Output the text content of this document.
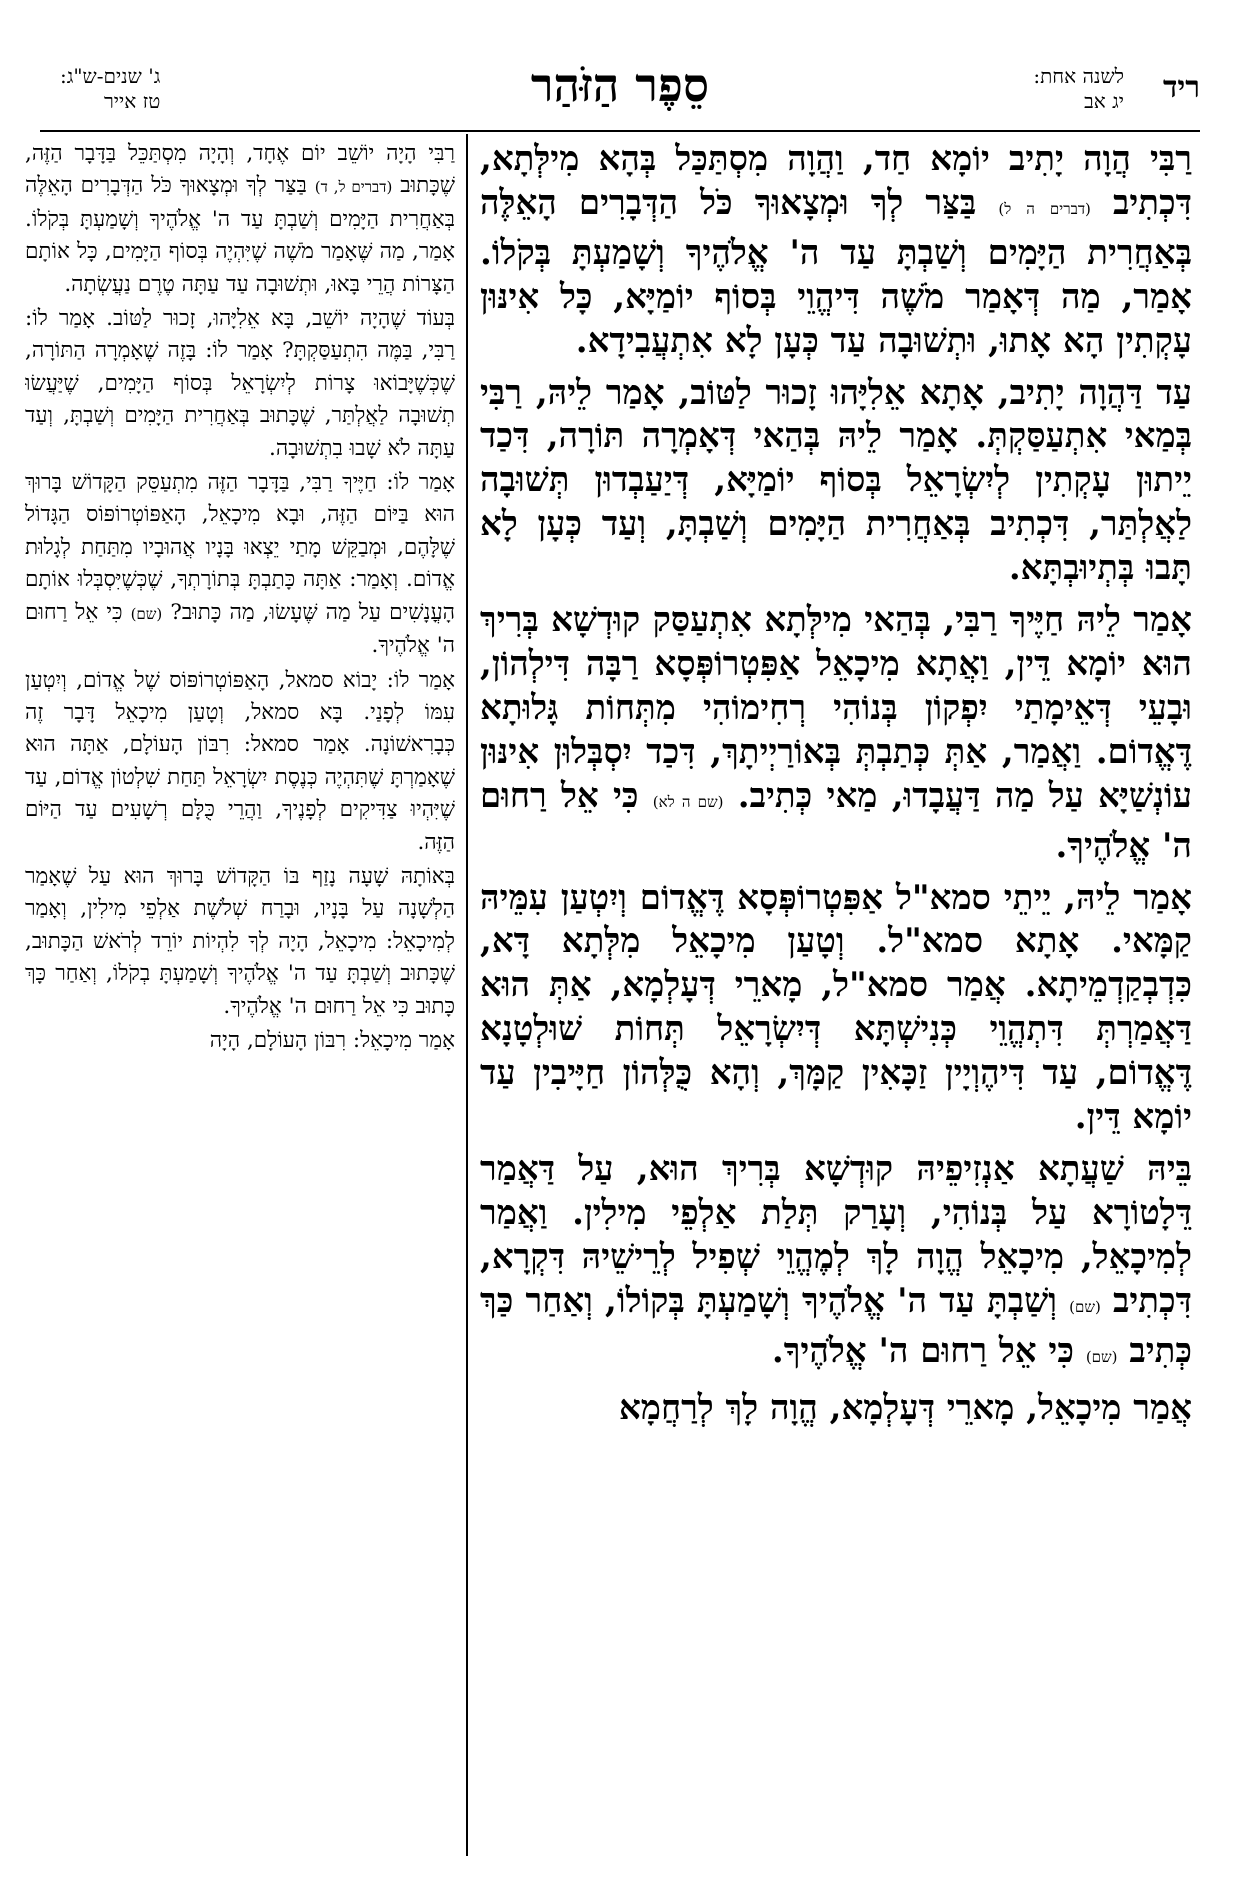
ריד
לשנה אחת:
יג אב
סֵפֶר הַזֹּהַר
ג' שנים-ש"ג:
טז אייר

רַבִּי הֲוָה יָתִיב יוֹמָא חַד, וַהֲוָה מִסְתַּכַּל בְּהָא מִילְּתָא, דִּכְתִיב (דברים ה ל) בַּצַּר לְךָ וּמְצָאוּךָ כֹּל הַדְּבָרִים הָאֵלֶּה בְּאַחֲרִית הַיָּמִים וְשַׁבְתָּ עַד ה' אֱלֹהֶיךָ וְשָׁמַעְתָּ בְּקֹלוֹ. אָמַר, מַה דְּאָמַר מֹשֶׁה דִּיהֱוֵי בְּסוֹף יוֹמַיָּא, כָּל אִינּוּן עָקְתִין הָא אָתוּ, וּתְשׁוּבָה עַד כְּעָן לָא אִתְעֲבִידָא.

עַד דַּהֲוָה יָתִיב, אָתָא אֵלִיָּהוּ זָכוּר לַטּוֹב, אָמַר לֵיהּ, רַבִּי בְּמַאי אִתְעַסַּקְתְּ. אָמַר לֵיהּ בְּהַאי דְּאָמְרָה תּוֹרָה, דִּכַד יֵיתוּן עָקְתִין לְיִשְׂרָאֵל בְּסוֹף יוֹמַיָּא, דְּיַעַבְדוּן תְּשׁוּבָה לַאֲלְתַּר, דִּכְתִיב בְּאַחֲרִית הַיָּמִים וְשַׁבְתָּ, וְעַד כְּעָן לָא תָּבוּ בְּתְיוּבְתָּא.

אָמַר לֵיהּ חַיֶּיךָ רַבִּי, בְּהַאי מִילְּתָא אִתְעַסַּק קוּדְשָׁא בְּרִיךְ הוּא יוֹמָא דֵּין, וַאֲתָא מִיכָאֵל אַפִּטְרוֹפְּסָא רַבָּה דִּילְהוֹן, וּבָעֵי דְּאֵימָתַי יִפְקוֹן בְּנוֹהִי רְחִימוֹהִי מִתְּחוֹת גָּלוּתָא דֶּאֱדוֹם. וַאֲמַר, אַתְּ כְּתַבְתְּ בְּאוֹרַיְיתָךְ, דִּכַד יִסְבְּלוּן אִינּוּן עוֹנְשַׁיָּא עַל מַה דַּעֲבָדוּ, מַאי כְּתִיב. (שם ה לא) כִּי אֵל רַחוּם ה' אֱלֹהֶיךָ.

אָמַר לֵיהּ, יֵיתֵי סמא"ל אַפִּטְרוֹפְּסָא דֶּאֱדוֹם וְיִטְעַן עִמֵּיהּ קַמָּאי. אָתָא סמא"ל. וְטָעַן מִיכָאֵל מִלְּתָא דָּא, כִּדְבְקַדְמֵיתָא. אֲמַר סמא"ל, מָארֵי דְּעָלְמָא, אַתְּ הוּא דַּאֲמַרְתְּ דִּתְהֱוֵי כְּנִישְׁתָּא דְּיִשְׂרָאֵל תְּחוֹת שׁוּלְטָנָא דֶּאֱדוֹם, עַד דִּיהֶוְיָין זַכָּאִין קַמָּךְ, וְהָא כֻּלְּהוֹן חַיָּיבִין עַד יוֹמָא דֵּין.

בֵּיהּ שַׁעֲתָא אַנְזִיפֵיהּ קוּדְשָׁא בְּרִיךְ הוּא, עַל דַּאֲמַר דֵּלָטוֹרָא עַל בְּנוֹהִי, וְעָרַק תְּלַת אַלְפֵי מִילִין. וַאֲמַר לְמִיכָאֵל, מִיכָאֵל הֱוָה לָךְ לְמֶהֱוֵי שְׁפִיל לְרֵישֵׁיהּ דִּקְרָא, דִּכְתִיב (שם) וְשַׁבְתָּ עַד ה' אֱלֹהֶיךָ וְשָׁמַעְתָּ בְּקוֹלוֹ, וְאַחַר כַּךְ כְּתִיב (שם) כִּי אֵל רַחוּם ה' אֱלֹהֶיךָ.

אֲמַר מִיכָאֵל, מָארֵי דְּעָלְמָא, הֱוָה לָךְ לְרַחֲמָא

רַבִּי הָיָה יוֹשֵׁב יוֹם אֶחָד, וְהָיָה מִסְתַּכֵּל בַּדָּבָר הַזֶּה, שֶׁכָּתוּב (דברים ל, ד) בַּצַּר לְךָ וּמְצָאוּךָ כֹּל הַדְּבָרִים הָאֵלֶּה בְּאַחֲרִית הַיָּמִים וְשַׁבְתָּ עַד ה' אֱלֹהֶיךָ וְשָׁמַעְתָּ בְּקֹלוֹ. אָמַר, מַה שֶּׁאָמַר מֹשֶׁה שֶׁיִּהְיֶה בְּסוֹף הַיָּמִים, כָּל אוֹתָם הַצָּרוֹת הֲרֵי בָּאוּ, וּתְשׁוּבָה עַד עַתָּה טֶרֶם נַעֲשְׂתָה.

בְּעוֹד שֶׁהָיָה יוֹשֵׁב, בָּא אֵלִיָּהוּ, זָכוּר לַטּוֹב. אָמַר לוֹ: רַבִּי, בַּמֶּה הִתְעַסַּקְתָּ? אָמַר לוֹ: בָּזֶה שֶׁאָמְרָה הַתּוֹרָה, שֶׁכְּשֶׁיָּבוֹאוּ צָרוֹת לְיִשְׂרָאֵל בְּסוֹף הַיָּמִים, שֶׁיַּעֲשׂוּ תְשׁוּבָה לַאֲלְתַּר, שֶׁכָּתוּב בְּאַחֲרִית הַיָּמִים וְשַׁבְתָּ, וְעַד עַתָּה לֹא שָׁבוּ בִתְשׁוּבָה.

אָמַר לוֹ: חַיֶּיךָ רַבִּי, בַּדָּבָר הַזֶּה מִתְעַסֵּק הַקָּדוֹשׁ בָּרוּךְ הוּא בַּיּוֹם הַזֶּה, וּבָא מִיכָאֵל, הָאַפּוֹטְרוֹפּוֹס הַגָּדוֹל שֶׁלָּהֶם, וּמְבַקֵּשׁ מָתַי יֵצְאוּ בָּנָיו אֲהוּבָיו מִתַּחַת לְגָלוּת אֱדוֹם. וְאָמַר: אַתָּה כָּתַבְתָּ בְּתוֹרָתְךָ, שֶׁכְּשֶׁיִּסְבְּלוּ אוֹתָם הָעֳנָשִׁים עַל מַה שֶּׁעָשׂוּ, מַה כָּתוּב? (שם) כִּי אֵל רַחוּם ה' אֱלֹהֶיךָ.

אָמַר לוֹ: יָבוֹא סמאל, הָאַפּוֹטְרוֹפּוֹס שֶׁל אֱדוֹם, וְיִטְעַן עִמּוֹ לְפָנַי. בָּא סמאל, וְטָעַן מִיכָאֵל דָּבָר זֶה כְּבָרִאשׁוֹנָה. אָמַר סמאל: רִבּוֹן הָעוֹלָם, אַתָּה הוּא שֶׁאָמַרְתָּ שֶׁתִּהְיֶה כְּנֶסֶת יִשְׂרָאֵל תַּחַת שִׁלְטוֹן אֱדוֹם, עַד שֶׁיִּהְיוּ צַדִּיקִים לְפָנֶיךָ, וַהֲרֵי כֻּלָּם רְשָׁעִים עַד הַיּוֹם הַזֶּה.

בְּאוֹתָהּ שָׁעָה נָזַף בּוֹ הַקָּדוֹשׁ בָּרוּךְ הוּא עַל שֶׁאָמַר הַלְשָׁנָה עַל בָּנָיו, וּבָרַח שְׁלֹשֶׁת אַלְפֵי מִילִין, וְאָמַר לְמִיכָאֵל: מִיכָאֵל, הָיָה לְךָ לִהְיוֹת יוֹרֵד לְרֹאשׁ הַכָּתוּב, שֶׁכָּתוּב וְשַׁבְתָּ עַד ה' אֱלֹהֶיךָ וְשָׁמַעְתָּ בְקֹלוֹ, וְאַחַר כָּךְ כָּתוּב כִּי אֵל רַחוּם ה' אֱלֹהֶיךָ.

אָמַר מִיכָאֵל: רִבּוֹן הָעוֹלָם, הָיָה
